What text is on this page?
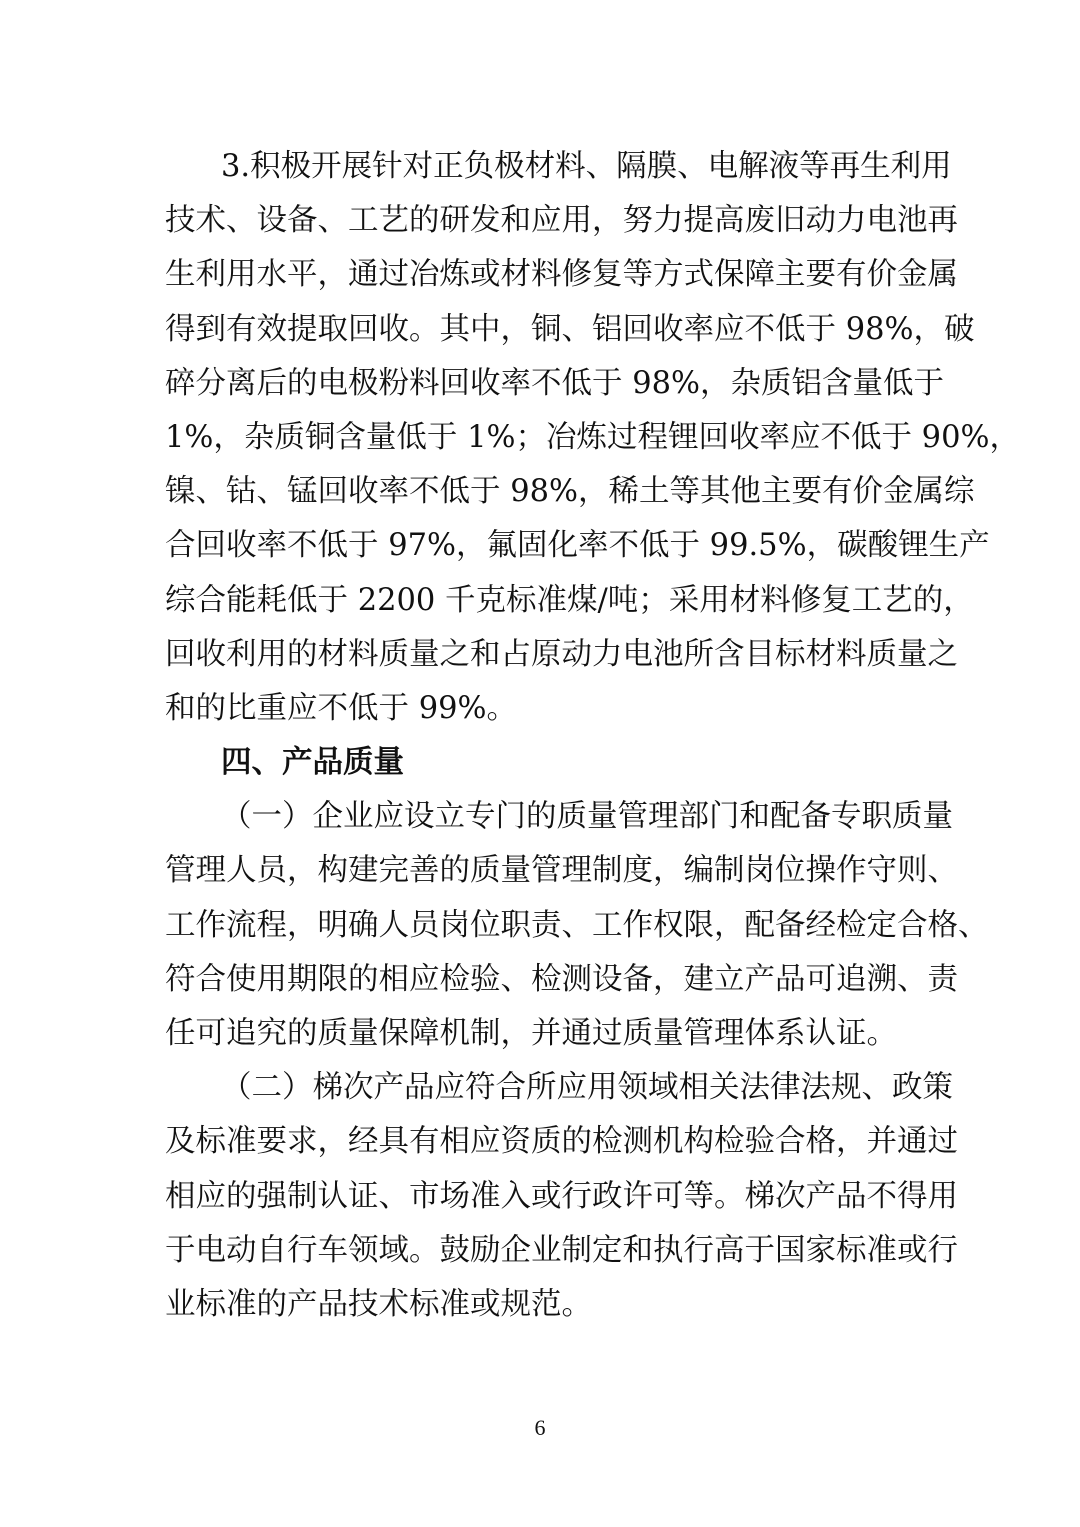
3.积极开展针对正负极材料、隔膜、电解液等再生利用
技术、设备、工艺的研发和应用，努力提高废旧动力电池再
生利用水平，通过冶炼或材料修复等方式保障主要有价金属
得到有效提取回收。其中，铜、铝回收率应不低于 98%，破
碎分离后的电极粉料回收率不低于 98%，杂质铝含量低于
1%，杂质铜含量低于 1%；冶炼过程锂回收率应不低于 90%，
镍、钴、锰回收率不低于 98%，稀土等其他主要有价金属综
合回收率不低于 97%，氟固化率不低于 99.5%，碳酸锂生产
综合能耗低于 2200 千克标准煤/吨；采用材料修复工艺的，
回收利用的材料质量之和占原动力电池所含目标材料质量之
和的比重应不低于 99%。
四、产品质量
（一）企业应设立专门的质量管理部门和配备专职质量
管理人员，构建完善的质量管理制度，编制岗位操作守则、
工作流程，明确人员岗位职责、工作权限，配备经检定合格、
符合使用期限的相应检验、检测设备，建立产品可追溯、责
任可追究的质量保障机制，并通过质量管理体系认证。
（二）梯次产品应符合所应用领域相关法律法规、政策
及标准要求，经具有相应资质的检测机构检验合格，并通过
相应的强制认证、市场准入或行政许可等。梯次产品不得用
于电动自行车领域。鼓励企业制定和执行高于国家标准或行
业标准的产品技术标准或规范。
6
